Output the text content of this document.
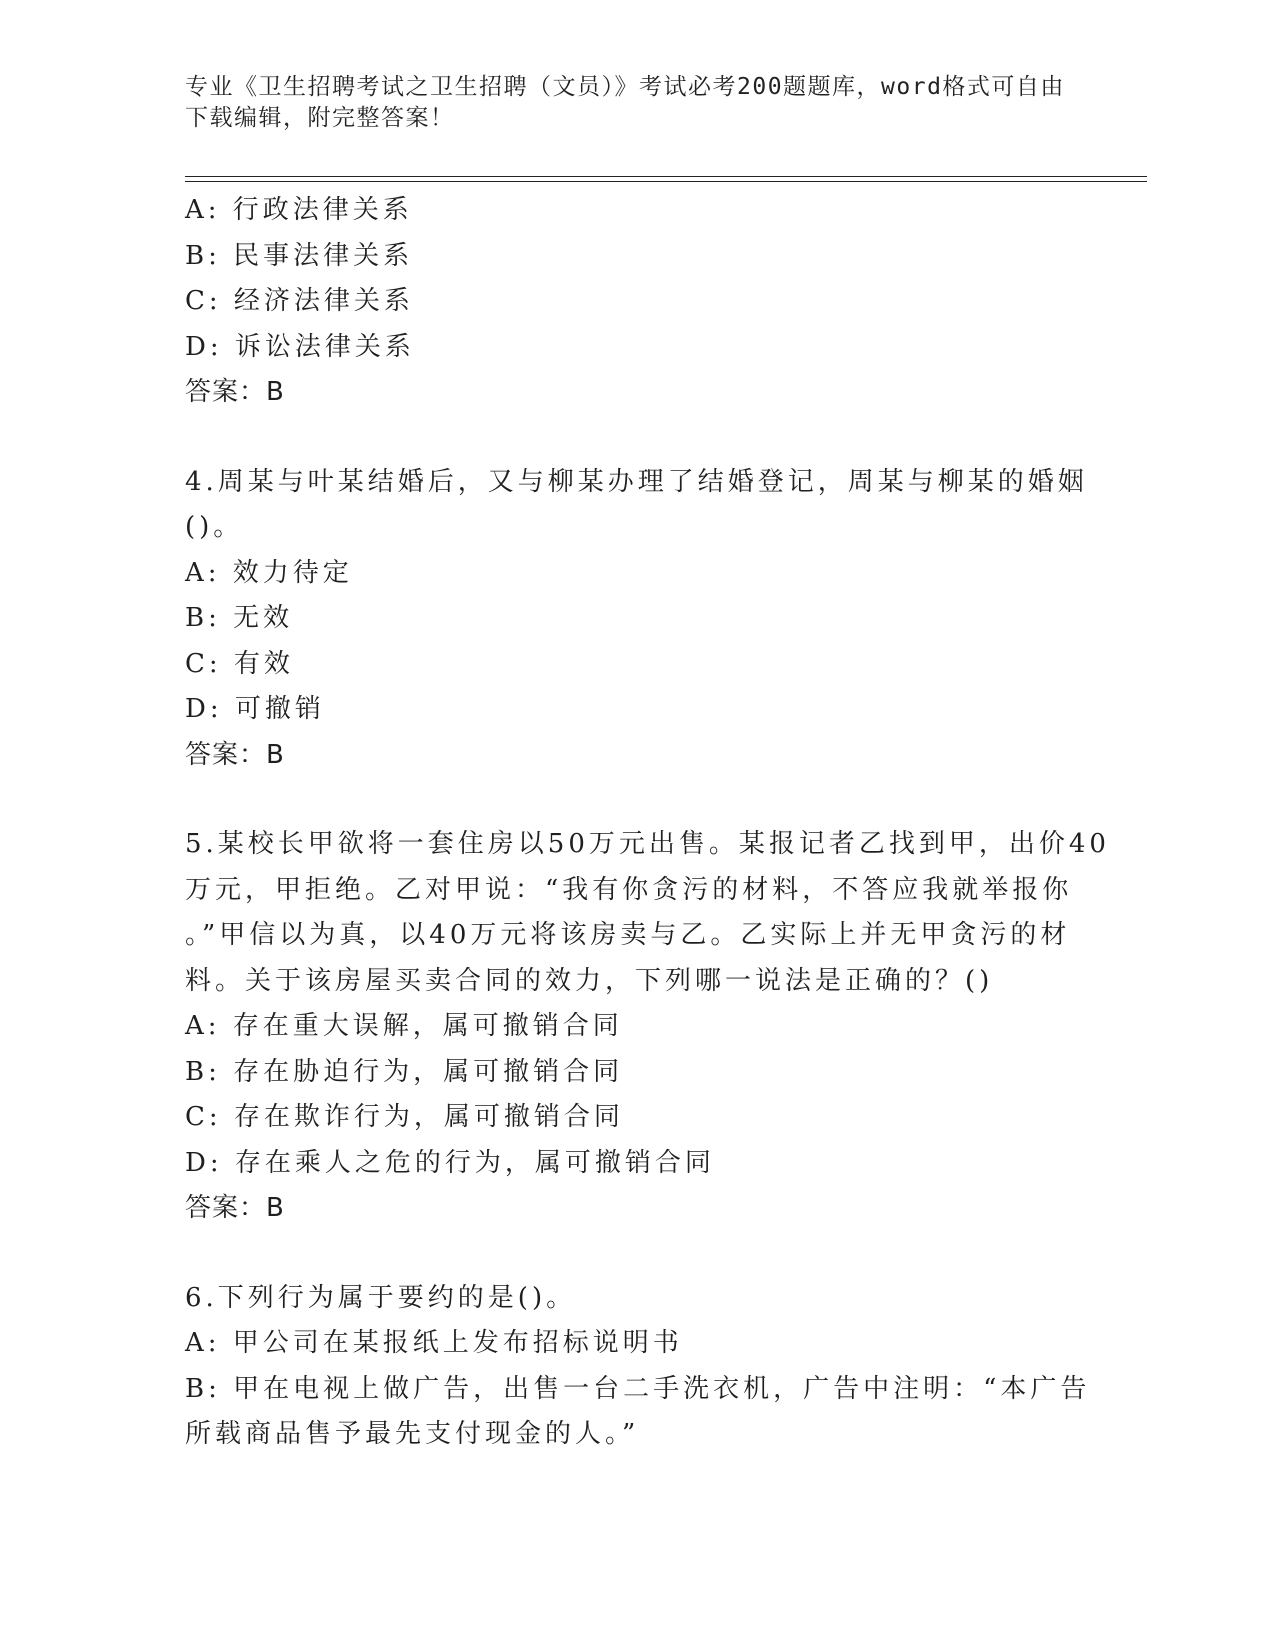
专业《卫生招聘考试之卫生招聘（文员）》考试必考200题题库，word格式可自由下载编辑，附完整答案！
A: 行政法律关系
B: 民事法律关系
C: 经济法律关系
D: 诉讼法律关系
答案：B
4.周某与叶某结婚后，又与柳某办理了结婚登记，周某与柳某的婚姻
()。
A: 效力待定
B: 无效
C: 有效
D: 可撤销
答案：B
5.某校长甲欲将一套住房以50万元出售。某报记者乙找到甲，出价40
万元，甲拒绝。乙对甲说：“我有你贪污的材料，不答应我就举报你
。”甲信以为真，以40万元将该房卖与乙。乙实际上并无甲贪污的材
料。关于该房屋买卖合同的效力，下列哪一说法是正确的？()
A: 存在重大误解，属可撤销合同
B: 存在胁迫行为，属可撤销合同
C: 存在欺诈行为，属可撤销合同
D: 存在乘人之危的行为，属可撤销合同
答案：B
6.下列行为属于要约的是()。
A: 甲公司在某报纸上发布招标说明书
B: 甲在电视上做广告，出售一台二手洗衣机，广告中注明：“本广告
所载商品售予最先支付现金的人。”
